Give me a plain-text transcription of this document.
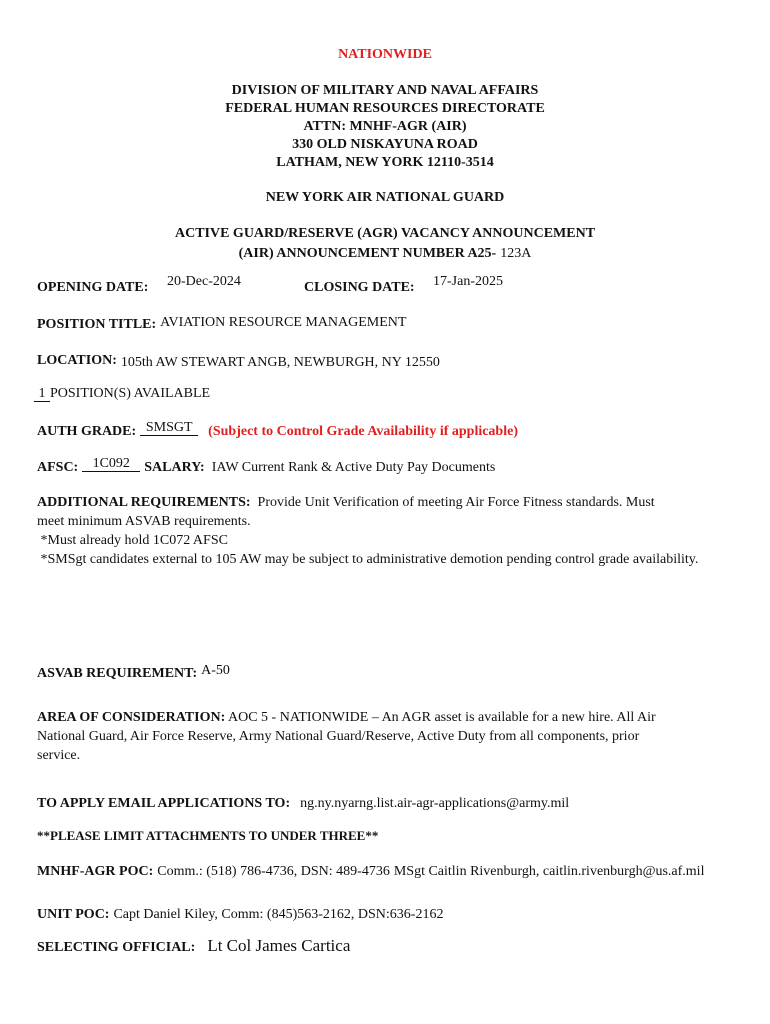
NATIONWIDE
DIVISION OF MILITARY AND NAVAL AFFAIRS
FEDERAL HUMAN RESOURCES DIRECTORATE
ATTN: MNHF-AGR (AIR)
330 OLD NISKAYUNA ROAD
LATHAM, NEW YORK 12110-3514
NEW YORK AIR NATIONAL GUARD
ACTIVE GUARD/RESERVE (AGR) VACANCY ANNOUNCEMENT
(AIR) ANNOUNCEMENT NUMBER A25- 123A
OPENING DATE: 20-Dec-2024	CLOSING DATE: 17-Jan-2025
POSITION TITLE: AVIATION RESOURCE MANAGEMENT
LOCATION: 105th AW STEWART ANGB, NEWBURGH, NY 12550
1 POSITION(S) AVAILABLE
AUTH GRADE: SMSGT (Subject to Control Grade Availability if applicable)
AFSC: 1C092 SALARY: IAW Current Rank & Active Duty Pay Documents
ADDITIONAL REQUIREMENTS: Provide Unit Verification of meeting Air Force Fitness standards. Must
meet minimum ASVAB requirements.
*Must already hold 1C072 AFSC
*SMSgt candidates external to 105 AW may be subject to administrative demotion pending control grade availability.
ASVAB REQUIREMENT: A-50
AREA OF CONSIDERATION: AOC 5 - NATIONWIDE – An AGR asset is available for a new hire. All Air
National Guard, Air Force Reserve, Army National Guard/Reserve, Active Duty from all components, prior
service.
TO APPLY EMAIL APPLICATIONS TO: ng.ny.nyarng.list.air-agr-applications@army.mil
**PLEASE LIMIT ATTACHMENTS TO UNDER THREE**
MNHF-AGR POC: Comm.: (518) 786-4736, DSN: 489-4736 MSgt Caitlin Rivenburgh, caitlin.rivenburgh@us.af.mil
UNIT POC: Capt Daniel Kiley, Comm: (845)563-2162, DSN:636-2162
SELECTING OFFICIAL: Lt Col James Cartica
